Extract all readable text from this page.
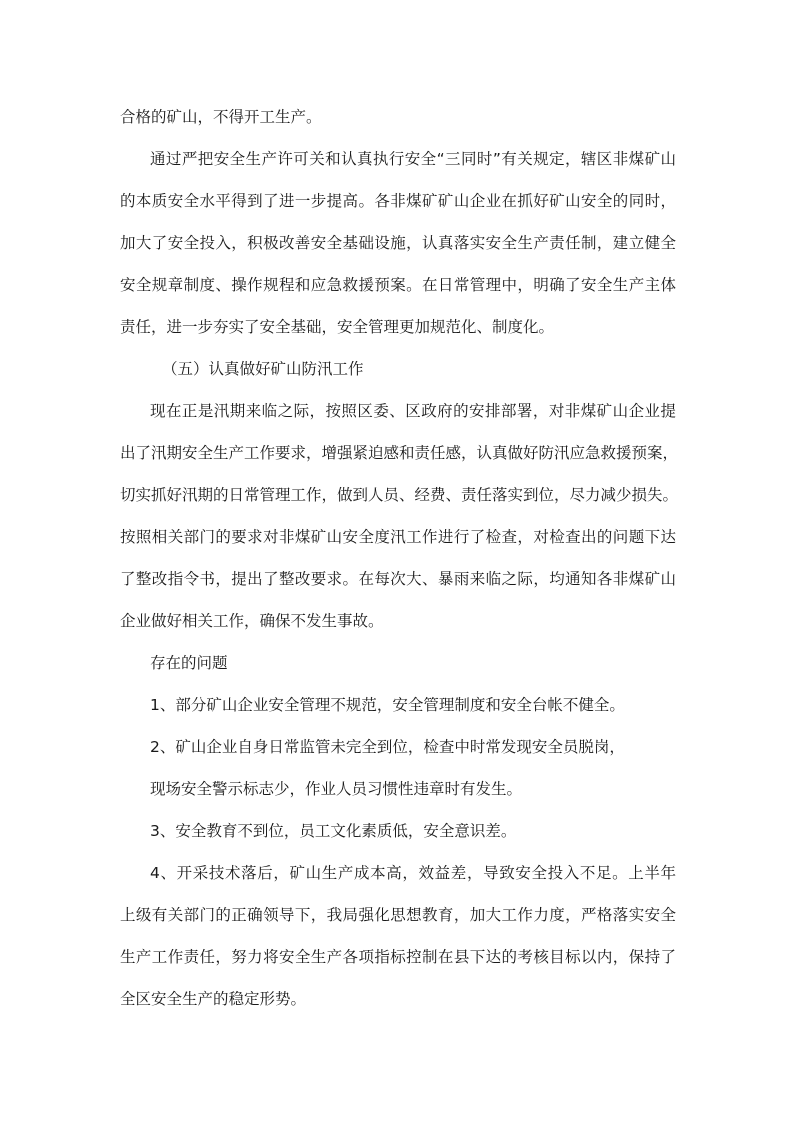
合格的矿山，不得开工生产。
通过严把安全生产许可关和认真执行安全“三同时”有关规定，辖区非煤矿山
的本质安全水平得到了进一步提高。各非煤矿矿山企业在抓好矿山安全的同时，
加大了安全投入，积极改善安全基础设施，认真落实安全生产责任制，建立健全
安全规章制度、操作规程和应急救援预案。在日常管理中，明确了安全生产主体
责任，进一步夯实了安全基础，安全管理更加规范化、制度化。
（五）认真做好矿山防汛工作
现在正是汛期来临之际，按照区委、区政府的安排部署，对非煤矿山企业提
出了汛期安全生产工作要求，增强紧迫感和责任感，认真做好防汛应急救援预案，
切实抓好汛期的日常管理工作，做到人员、经费、责任落实到位，尽力减少损失。
按照相关部门的要求对非煤矿山安全度汛工作进行了检查，对检查出的问题下达
了整改指令书，提出了整改要求。在每次大、暴雨来临之际，均通知各非煤矿山
企业做好相关工作，确保不发生事故。
存在的问题
1、部分矿山企业安全管理不规范，安全管理制度和安全台帐不健全。
2、矿山企业自身日常监管未完全到位，检查中时常发现安全员脱岗，
现场安全警示标志少，作业人员习惯性违章时有发生。
3、安全教育不到位，员工文化素质低，安全意识差。
4、开采技术落后，矿山生产成本高，效益差，导致安全投入不足。上半年
上级有关部门的正确领导下，我局强化思想教育，加大工作力度，严格落实安全
生产工作责任，努力将安全生产各项指标控制在县下达的考核目标以内，保持了
全区安全生产的稳定形势。
